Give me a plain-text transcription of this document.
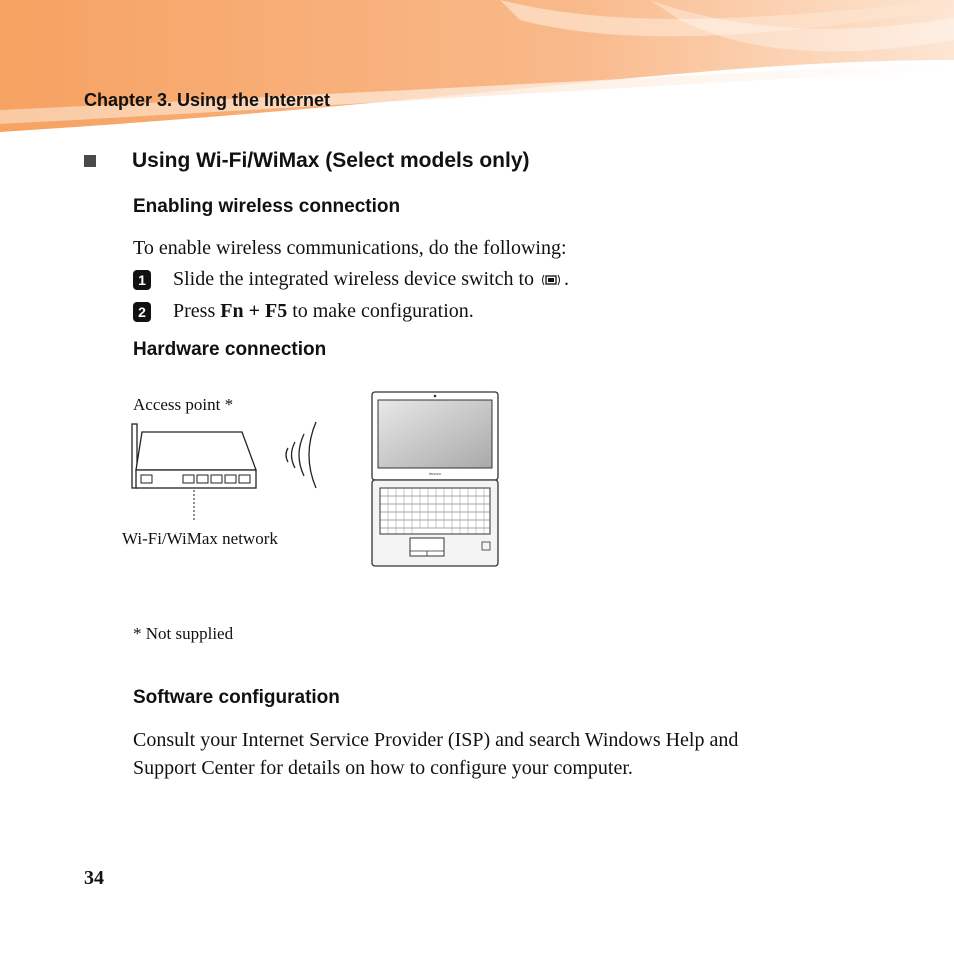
Chapter 3. Using the Internet
Using Wi-Fi/WiMax (Select models only)
Enabling wireless connection
To enable wireless communications, do the following:
1 Slide the integrated wireless device switch to .
2 Press
Fn + F5
to make configuration.
Hardware connection
Access point *
Wi-Fi/WiMax network
lenovo
* Not supplied
Software configuration
Consult your Internet Service Provider (ISP) and search Windows Help and
Support Center for details on how to configure your computer.
34
